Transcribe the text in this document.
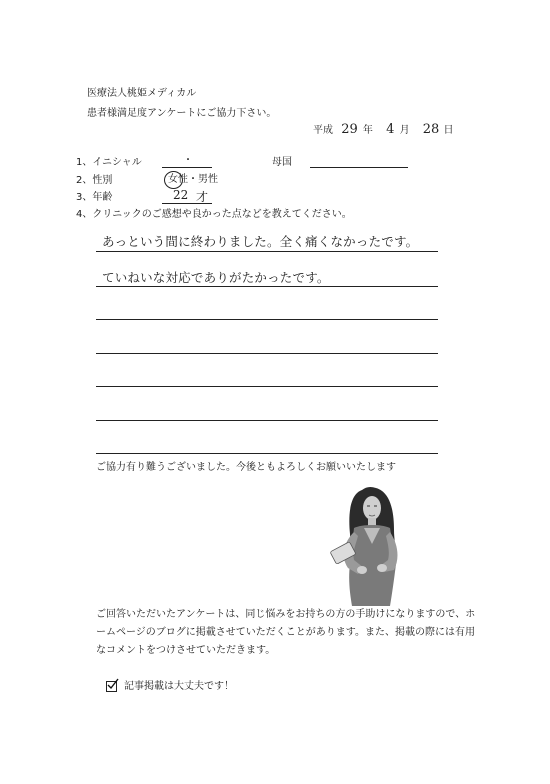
医療法人桃姫メディカル
患者様満足度アンケートにご協力下さい。
平成 29 年 4 月 28 日
1、イニシャル	・	母国
2、性別	女性・男性
3、年齢	22 才
4、クリニックのご感想や良かった点などを教えてください。
あっという間に終わりました。全く痛くなかったです。
ていねいな対応でありがたかったです。
ご協力有り難うございました。今後ともよろしくお願いいたします
ご回答いただいたアンケートは、同じ悩みをお持ちの方の手助けになりますので、ホ
ームページのブログに掲載させていただくことがあります。また、掲載の際には有用
なコメントをつけさせていただきます。
記事掲載は大丈夫です！
